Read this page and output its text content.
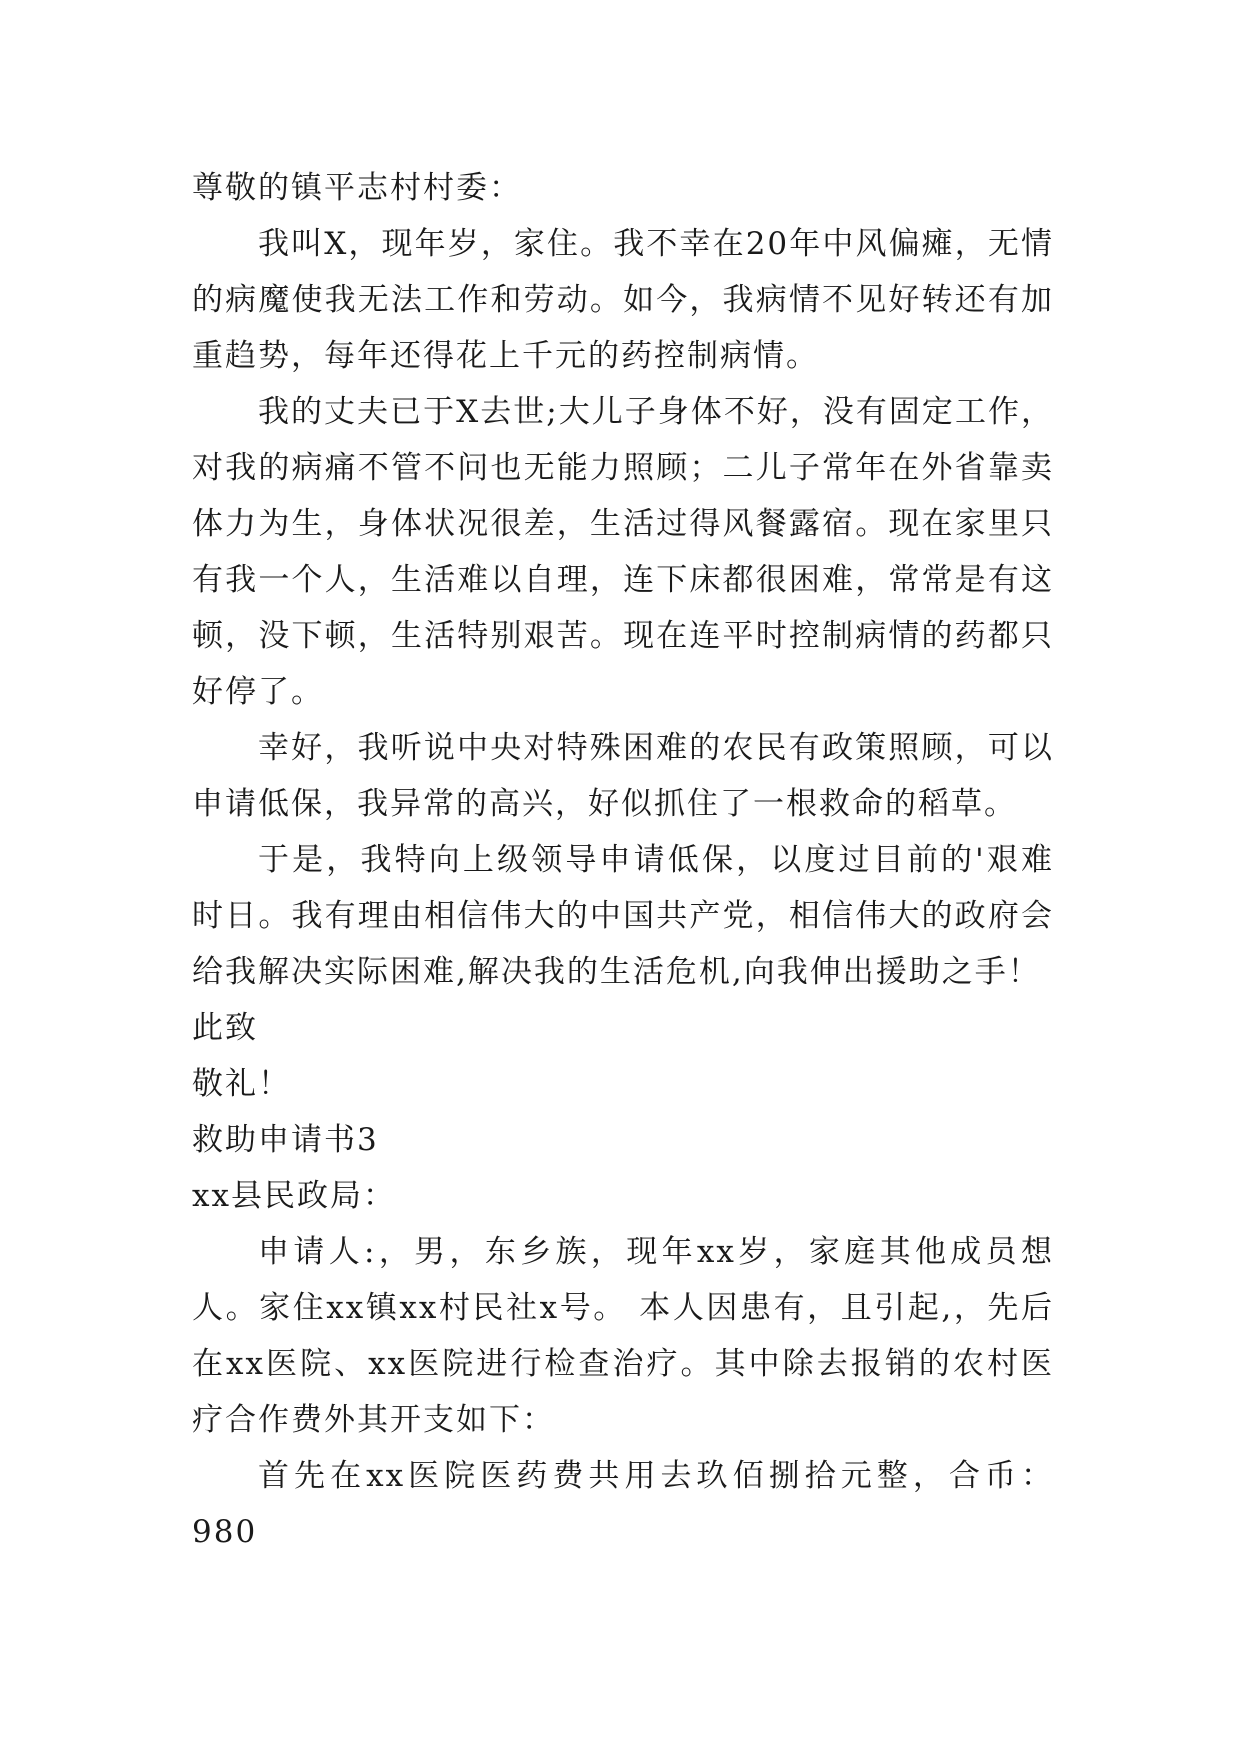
尊敬的镇平志村村委：

我叫X，现年岁，家住。我不幸在20年中风偏瘫，无情的病魔使我无法工作和劳动。如今，我病情不见好转还有加重趋势，每年还得花上千元的药控制病情。

我的丈夫已于X去世;大儿子身体不好，没有固定工作，对我的病痛不管不问也无能力照顾；二儿子常年在外省靠卖体力为生，身体状况很差，生活过得风餐露宿。现在家里只有我一个人，生活难以自理，连下床都很困难，常常是有这顿，没下顿，生活特别艰苦。现在连平时控制病情的药都只好停了。

幸好，我听说中央对特殊困难的农民有政策照顾，可以申请低保，我异常的高兴，好似抓住了一根救命的稻草。

于是，我特向上级领导申请低保，以度过目前的'艰难时日。我有理由相信伟大的中国共产党，相信伟大的政府会给我解决实际困难,解决我的生活危机,向我伸出援助之手！

此致

敬礼！

救助申请书3

xx县民政局：

申请人:，男，东乡族，现年xx岁，家庭其他成员想人。家住xx镇xx村民社x号。 本人因患有，且引起,，先后在xx医院、xx医院进行检查治疗。其中除去报销的农村医疗合作费外其开支如下：

首先在xx医院医药费共用去玖佰捌拾元整，合币：980
